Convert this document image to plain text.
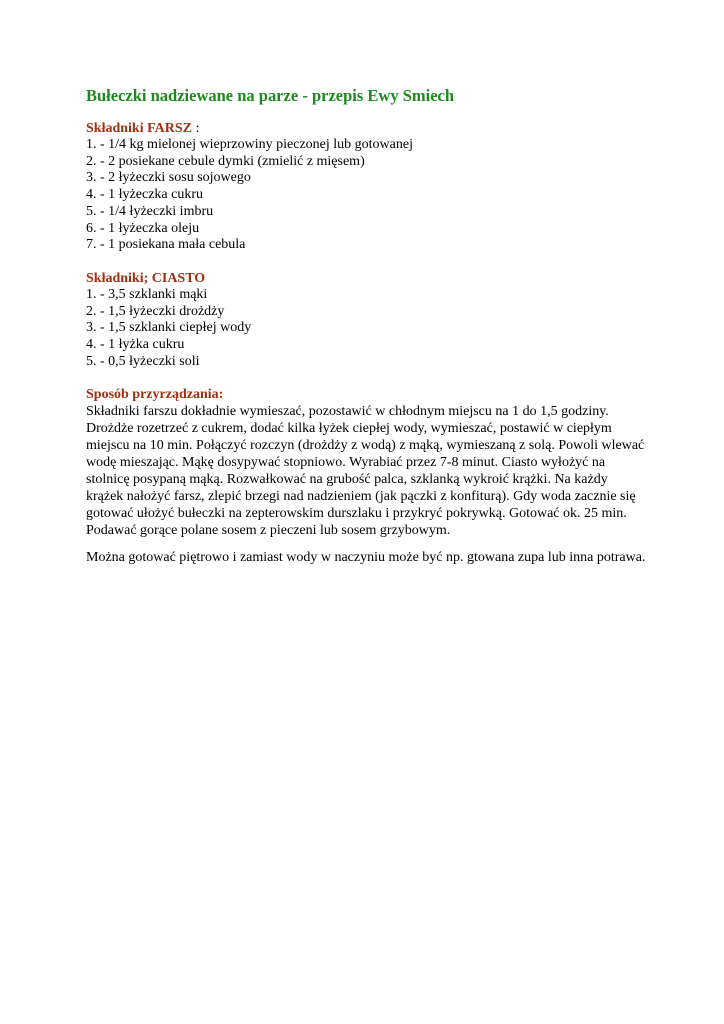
Bułeczki nadziewane na parze - przepis Ewy Smiech
Składniki FARSZ :
1. - 1/4 kg mielonej wieprzowiny pieczonej lub gotowanej
2. - 2 posiekane cebule dymki (zmielić z mięsem)
3. - 2 łyżeczki sosu sojowego
4. - 1 łyżeczka cukru
5. - 1/4 łyżeczki imbru
6. - 1 łyżeczka oleju
7. - 1 posiekana mała cebula
Składniki; CIASTO
1. - 3,5 szklanki mąki
2. - 1,5 łyżeczki drożdży
3. - 1,5 szklanki ciepłej wody
4. - 1 łyżka cukru
5. - 0,5 łyżeczki soli
Sposób przyrządzania:

Składniki farszu dokładnie wymieszać, pozostawić w chłodnym miejscu na 1 do 1,5 godziny. Drożdże rozetrzeć z cukrem, dodać kilka łyżek ciepłej wody, wymieszać, postawić w ciepłym miejscu na 10 min. Połączyć rozczyn (drożdży z wodą) z mąką, wymieszaną z solą. Powoli wlewać wodę mieszając. Mąkę dosypywać stopniowo. Wyrabiać przez 7-8 minut. Ciasto wyłożyć na stolnicę posypaną mąką. Rozwałkować na grubość palca, szklanką wykroić krążki. Na każdy krążek nałożyć farsz, zlepić brzegi nad nadzieniem (jak pączki z konfiturą). Gdy woda zacznie się gotować ułożyć bułeczki na zepterowskim durszlaku i przykryć pokrywką. Gotować ok. 25 min. Podawać gorące polane sosem z pieczeni lub sosem grzybowym.

Można gotować piętrowo i zamiast wody w naczyniu może być np. gtowana zupa lub inna potrawa.
